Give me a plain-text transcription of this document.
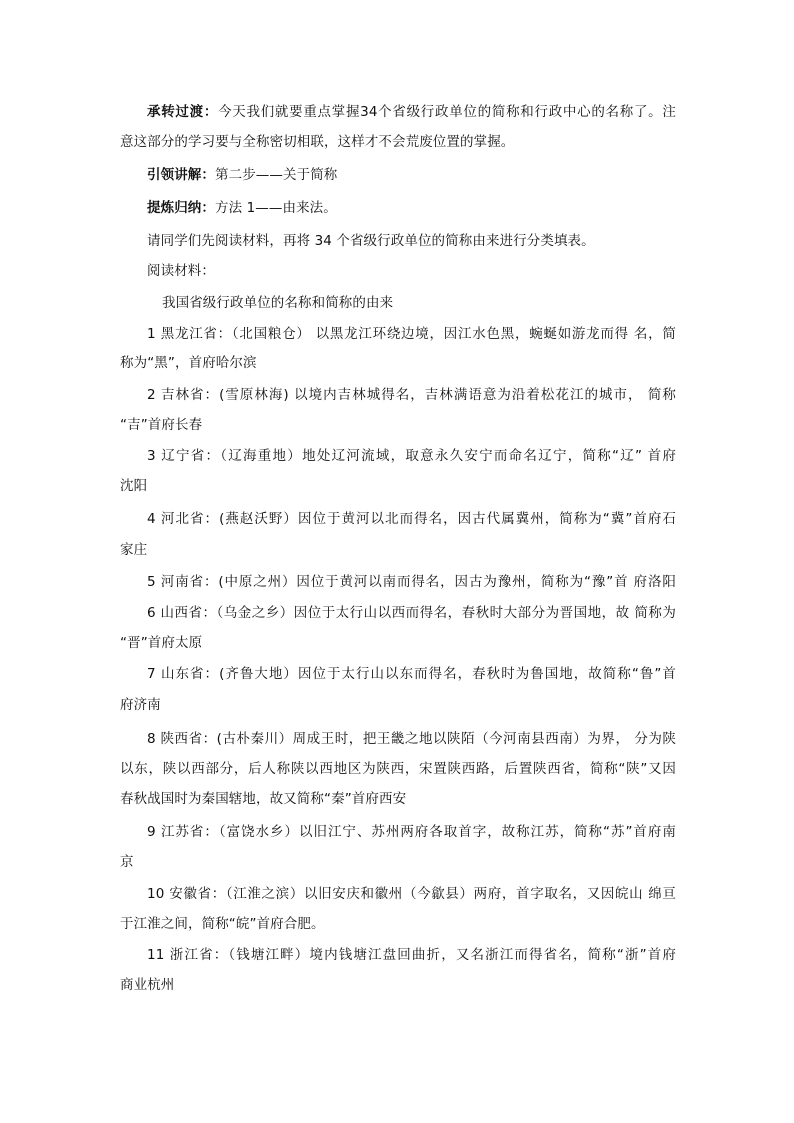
承转过渡：今天我们就要重点掌握34个省级行政单位的简称和行政中心的名称了。注
意这部分的学习要与全称密切相联，这样才不会荒废位置的掌握。
引领讲解：第二步——关于简称
提炼归纳：方法 1——由来法。
请同学们先阅读材料，再将 34 个省级行政单位的简称由来进行分类填表。
阅读材料：
我国省级行政单位的名称和简称的由来
1 黑龙江省：（北国粮仓） 以黑龙江环绕边境，因江水色黑，蜿蜒如游龙而得 名，简
称为“黑”，首府哈尔滨
2 吉林省：(雪原林海) 以境内吉林城得名，吉林满语意为沿着松花江的城市， 简称
“吉”首府长春
3 辽宁省：（辽海重地）地处辽河流域，取意永久安宁而命名辽宁，简称“辽” 首府
沈阳
4 河北省：(燕赵沃野）因位于黄河以北而得名，因古代属冀州，简称为“冀”首府石
家庄
5 河南省：(中原之州）因位于黄河以南而得名，因古为豫州，简称为“豫”首 府洛阳
6 山西省：（乌金之乡）因位于太行山以西而得名，春秋时大部分为晋国地，故 简称为
“晋”首府太原
7 山东省：(齐鲁大地）因位于太行山以东而得名，春秋时为鲁国地，故简称“鲁”首
府济南
8 陕西省：(古朴秦川）周成王时，把王畿之地以陕陌（今河南县西南）为界， 分为陕
以东，陕以西部分，后人称陕以西地区为陕西，宋置陕西路，后置陕西省，简称“陕”又因
春秋战国时为秦国辖地，故又简称“秦”首府西安
9 江苏省：（富饶水乡）以旧江宁、苏州两府各取首字，故称江苏，简称“苏”首府南
京
10 安徽省：（江淮之滨）以旧安庆和徽州（今歙县）两府，首字取名，又因皖山 绵亘
于江淮之间，简称“皖”首府合肥。
11 浙江省：（钱塘江畔）境内钱塘江盘回曲折，又名浙江而得省名，简称“浙”首府
商业杭州
